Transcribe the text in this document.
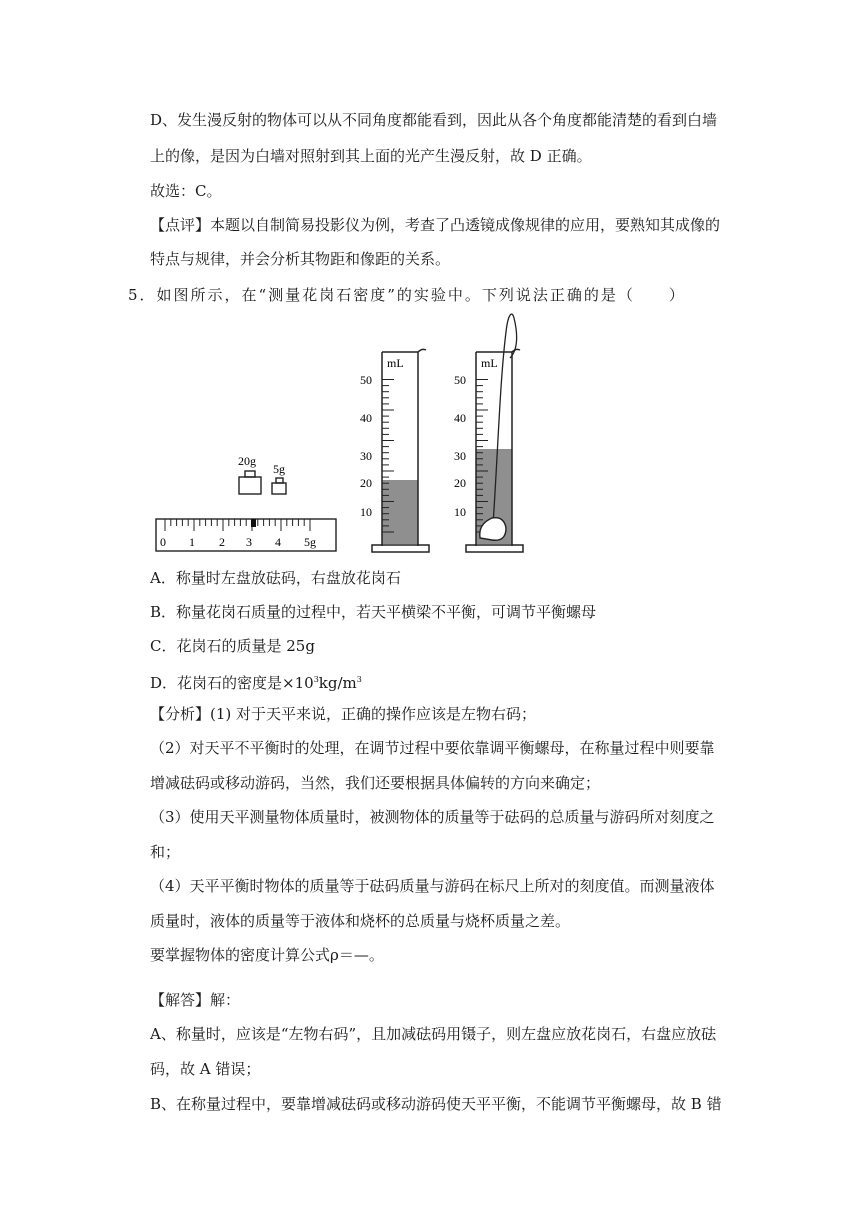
D、发生漫反射的物体可以从不同角度都能看到，因此从各个角度都能清楚的看到白墙
上的像，是因为白墙对照射到其上面的光产生漫反射，故 D 正确。
故选：C。
【点评】本题以自制简易投影仪为例，考查了凸透镜成像规律的应用，要熟知其成像的
特点与规律，并会分析其物距和像距的关系。
5．如图所示，在“测量花岗石密度”的实验中。下列说法正确的是（　　）
20g
5g
0 1 2 3 4 5g
mL
50
40
30
20
10
mL
50
40
30
20
10
A．称量时左盘放砝码，右盘放花岗石
B．称量花岗石质量的过程中，若天平横梁不平衡，可调节平衡螺母
C．花岗石的质量是 25g
D．花岗石的密度是$\times 10^3kg/m^3$
【分析】(1) 对于天平来说，正确的操作应该是左物右码；
（2）对天平不平衡时的处理，在调节过程中要依靠调平衡螺母，在称量过程中则要靠
增减砝码或移动游码，当然，我们还要根据具体偏转的方向来确定；
（3）使用天平测量物体质量时，被测物体的质量等于砝码的总质量与游码所对刻度之
和；
（4）天平平衡时物体的质量等于砝码质量与游码在标尺上所对的刻度值。而测量液体
质量时，液体的质量等于液体和烧杯的总质量与烧杯质量之差。
要掌握物体的密度计算公式ρ＝—。
【解答】解：
A、称量时，应该是“左物右码”，且加减砝码用镊子，则左盘应放花岗石，右盘应放砝
码，故 A 错误；
B、在称量过程中，要靠增减砝码或移动游码使天平平衡，不能调节平衡螺母，故 B 错
